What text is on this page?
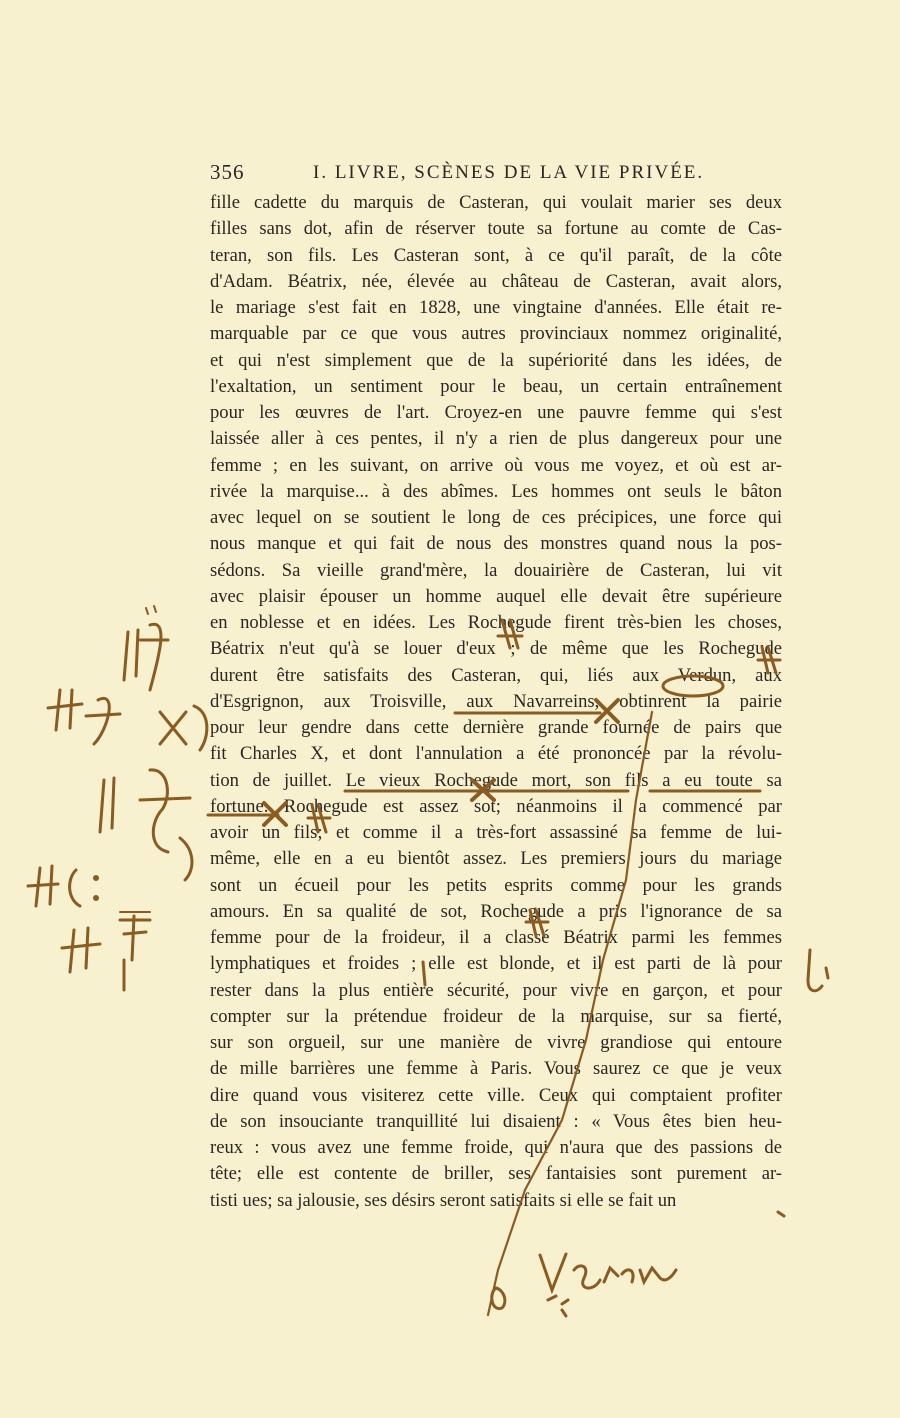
356	I. LIVRE, SCÈNES DE LA VIE PRIVÉE.
fille cadette du marquis de Casteran, qui voulait marier ses deux
filles sans dot, afin de réserver toute sa fortune au comte de Cas-
teran, son fils. Les Casteran sont, à ce qu'il paraît, de la côte
d'Adam. Béatrix, née, élevée au château de Casteran, avait alors,
le mariage s'est fait en 1828, une vingtaine d'années. Elle était re-
marquable par ce que vous autres provinciaux nommez originalité,
et qui n'est simplement que de la supériorité dans les idées, de
l'exaltation, un sentiment pour le beau, un certain entraînement
pour les œuvres de l'art. Croyez-en une pauvre femme qui s'est
laissée aller à ces pentes, il n'y a rien de plus dangereux pour une
femme ; en les suivant, on arrive où vous me voyez, et où est ar-
rivée la marquise... à des abîmes. Les hommes ont seuls le bâton
avec lequel on se soutient le long de ces précipices, une force qui
nous manque et qui fait de nous des monstres quand nous la pos-
sédons. Sa vieille grand'mère, la douairière de Casteran, lui vit
avec plaisir épouser un homme auquel elle devait être supérieure
en noblesse et en idées. Les Rochegude firent très-bien les choses,
Béatrix n'eut qu'à se louer d'eux ; de même que les Rochegude
durent être satisfaits des Casteran, qui, liés aux Verdun, aux
d'Esgrignon, aux Troisville, aux Navarreins, obtinrent la pairie
pour leur gendre dans cette dernière grande fournée de pairs que
fit Charles X, et dont l'annulation a été prononcée par la révolu-
tion de juillet. Le vieux Rochegude mort, son fils a eu toute sa
fortune. Rochegude est assez sot; néanmoins il a commencé par
avoir un fils; et comme il a très-fort assassiné sa femme de lui-
même, elle en a eu bientôt assez. Les premiers jours du mariage
sont un écueil pour les petits esprits comme pour les grands
amours. En sa qualité de sot, Rochegude a pris l'ignorance de sa
femme pour de la froideur, il a classé Béatrix parmi les femmes
lymphatiques et froides ; elle est blonde, et il est parti de là pour
rester dans la plus entière sécurité, pour vivre en garçon, et pour
compter sur la prétendue froideur de la marquise, sur sa fierté,
sur son orgueil, sur une manière de vivre grandiose qui entoure
de mille barrières une femme à Paris. Vous saurez ce que je veux
dire quand vous visiterez cette ville. Ceux qui comptaient profiter
de son insouciante tranquillité lui disaient : « Vous êtes bien heu-
reux : vous avez une femme froide, qui n'aura que des passions de
tête; elle est contente de briller, ses fantaisies sont purement ar-
tisti ues; sa jalousie, ses désirs seront satisfaits si elle se fait un
